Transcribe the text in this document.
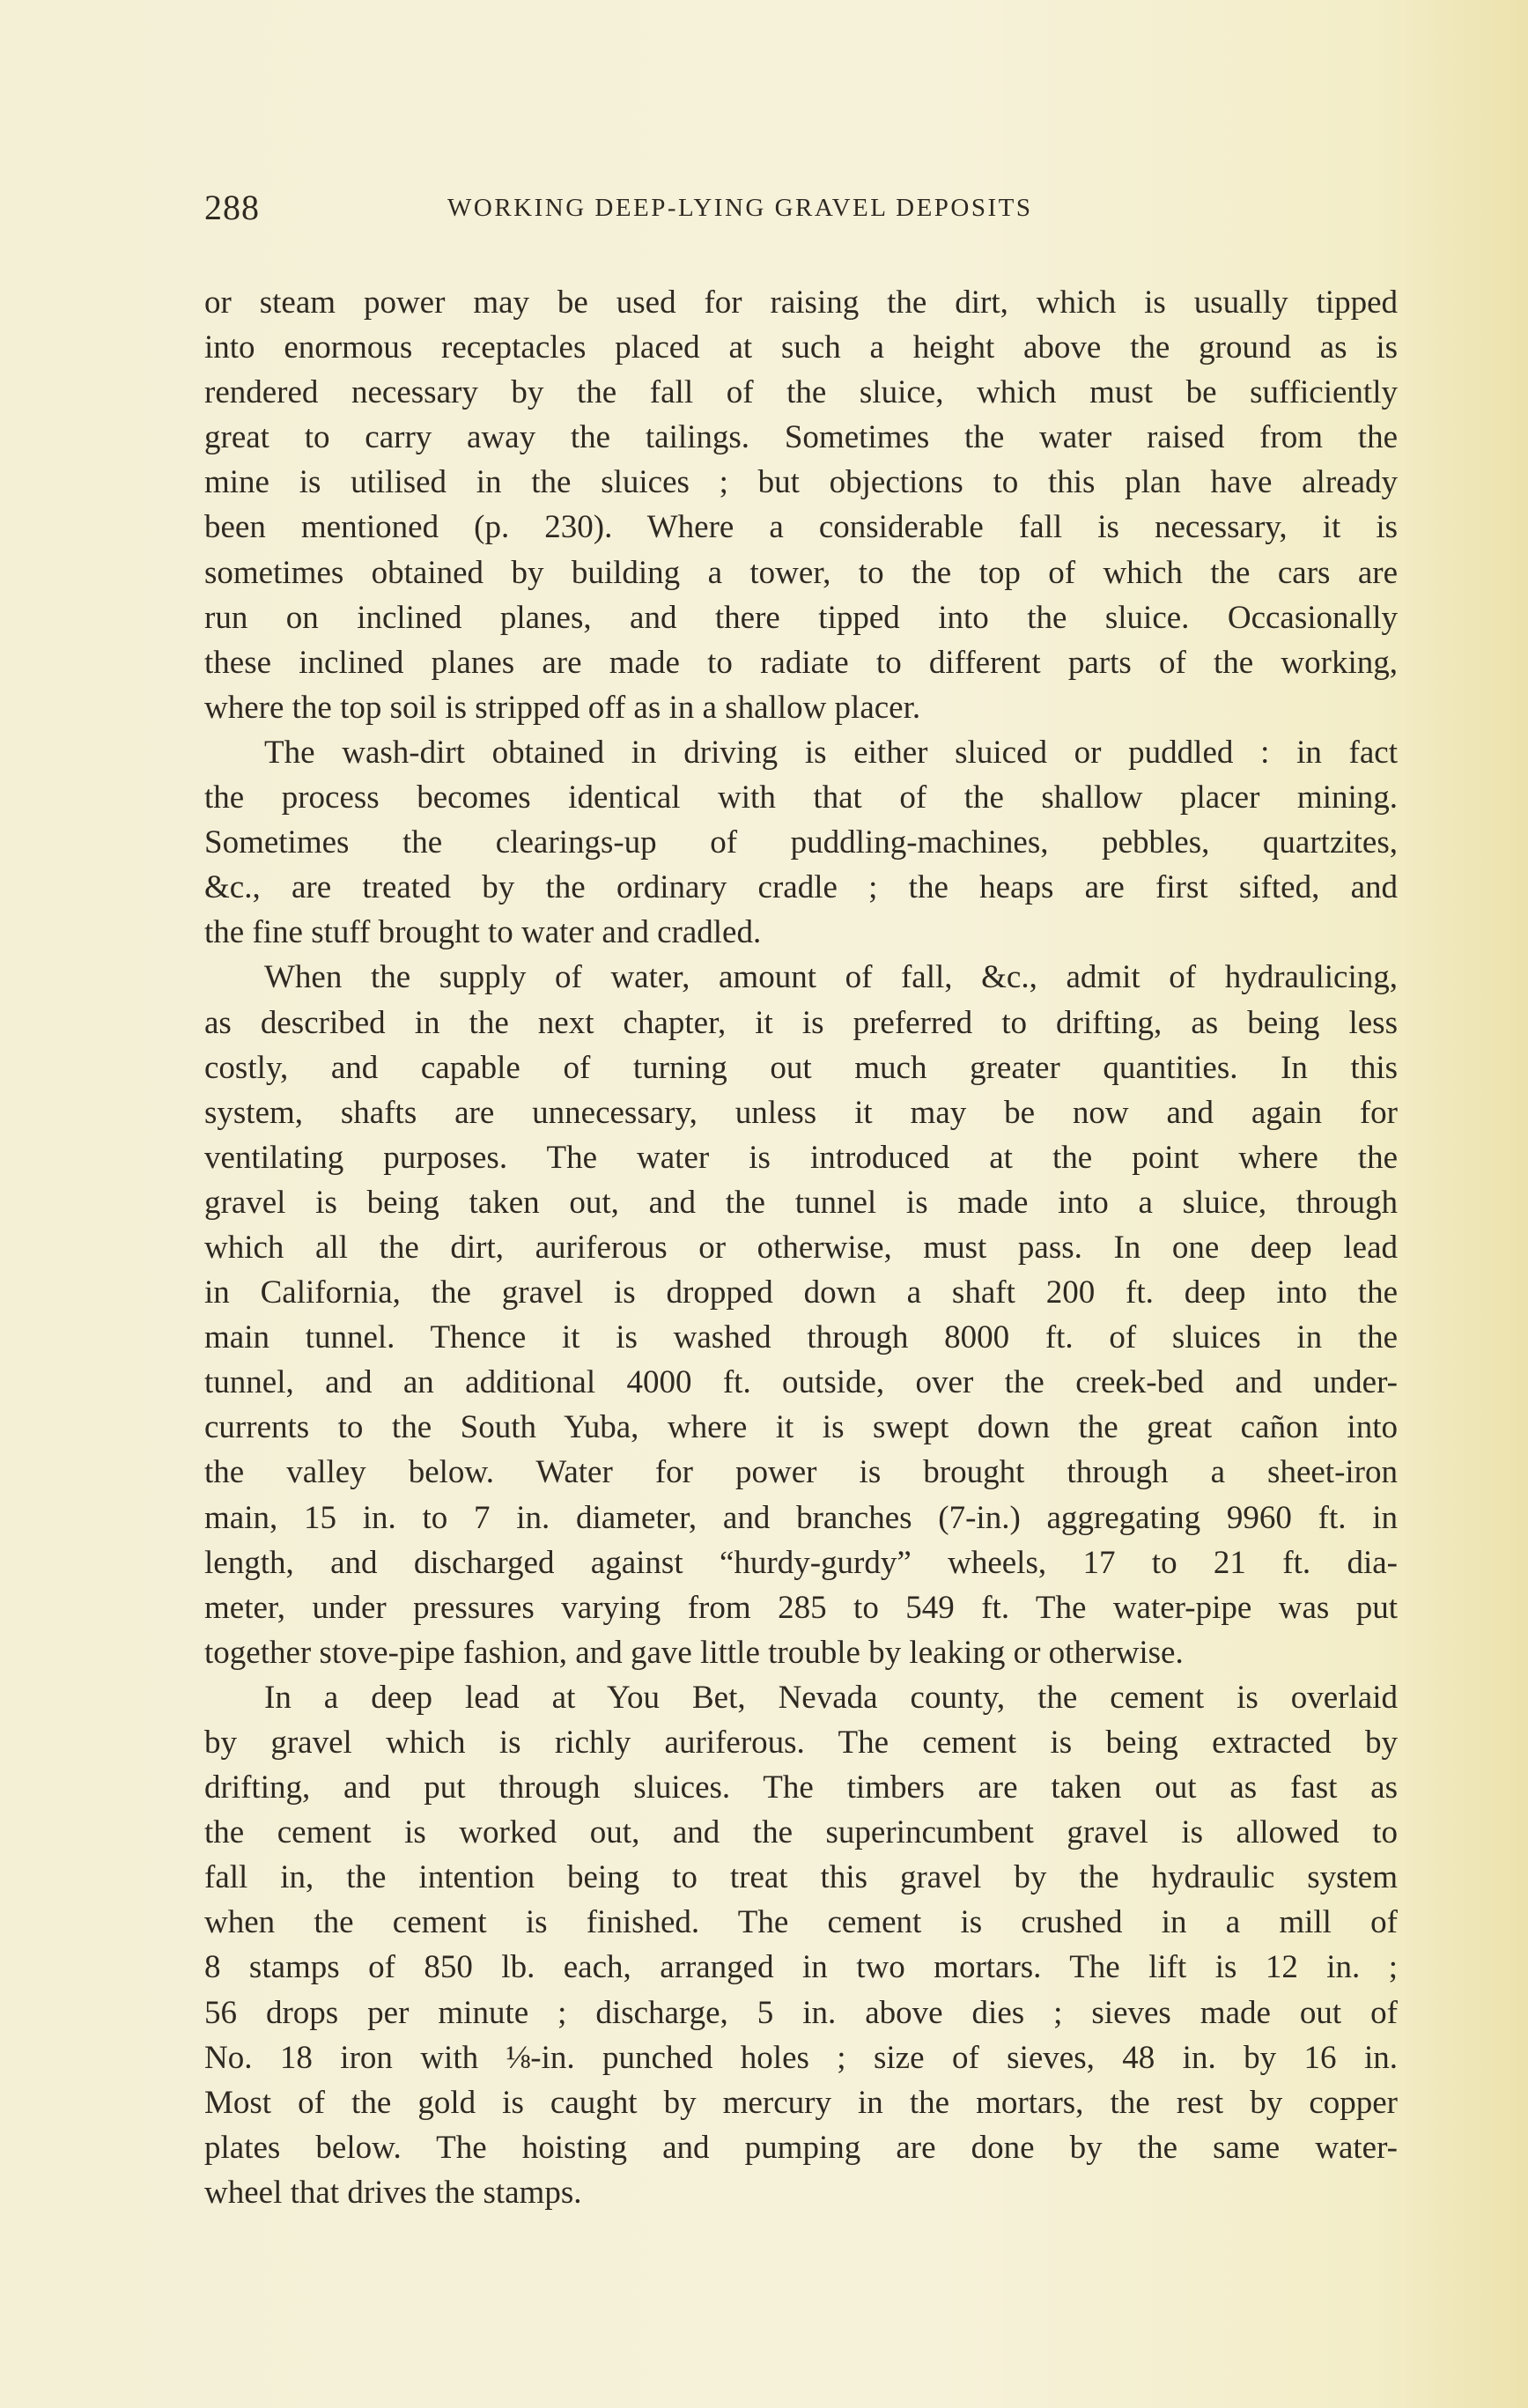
288	WORKING DEEP-LYING GRAVEL DEPOSITS
or steam power may be used for raising the dirt, which is usually tipped
into enormous receptacles placed at such a height above the ground as is
rendered necessary by the fall of the sluice, which must be sufficiently
great to carry away the tailings. Sometimes the water raised from the
mine is utilised in the sluices ; but objections to this plan have already
been mentioned (p. 230). Where a considerable fall is necessary, it is
sometimes obtained by building a tower, to the top of which the cars are
run on inclined planes, and there tipped into the sluice. Occasionally
these inclined planes are made to radiate to different parts of the working,
where the top soil is stripped off as in a shallow placer.
The wash-dirt obtained in driving is either sluiced or puddled : in fact
the process becomes identical with that of the shallow placer mining.
Sometimes the clearings-up of puddling-machines, pebbles, quartzites,
&c., are treated by the ordinary cradle ; the heaps are first sifted, and
the fine stuff brought to water and cradled.
When the supply of water, amount of fall, &c., admit of hydraulicing,
as described in the next chapter, it is preferred to drifting, as being less
costly, and capable of turning out much greater quantities. In this
system, shafts are unnecessary, unless it may be now and again for
ventilating purposes. The water is introduced at the point where the
gravel is being taken out, and the tunnel is made into a sluice, through
which all the dirt, auriferous or otherwise, must pass. In one deep lead
in California, the gravel is dropped down a shaft 200 ft. deep into the
main tunnel. Thence it is washed through 8000 ft. of sluices in the
tunnel, and an additional 4000 ft. outside, over the creek-bed and under-
currents to the South Yuba, where it is swept down the great cañon into
the valley below. Water for power is brought through a sheet-iron
main, 15 in. to 7 in. diameter, and branches (7-in.) aggregating 9960 ft. in
length, and discharged against “hurdy-gurdy” wheels, 17 to 21 ft. dia-
meter, under pressures varying from 285 to 549 ft. The water-pipe was put
together stove-pipe fashion, and gave little trouble by leaking or otherwise.
In a deep lead at You Bet, Nevada county, the cement is overlaid
by gravel which is richly auriferous. The cement is being extracted by
drifting, and put through sluices. The timbers are taken out as fast as
the cement is worked out, and the superincumbent gravel is allowed to
fall in, the intention being to treat this gravel by the hydraulic system
when the cement is finished. The cement is crushed in a mill of
8 stamps of 850 lb. each, arranged in two mortars. The lift is 12 in. ;
56 drops per minute ; discharge, 5 in. above dies ; sieves made out of
No. 18 iron with ⅛-in. punched holes ; size of sieves, 48 in. by 16 in.
Most of the gold is caught by mercury in the mortars, the rest by copper
plates below. The hoisting and pumping are done by the same water-
wheel that drives the stamps.
